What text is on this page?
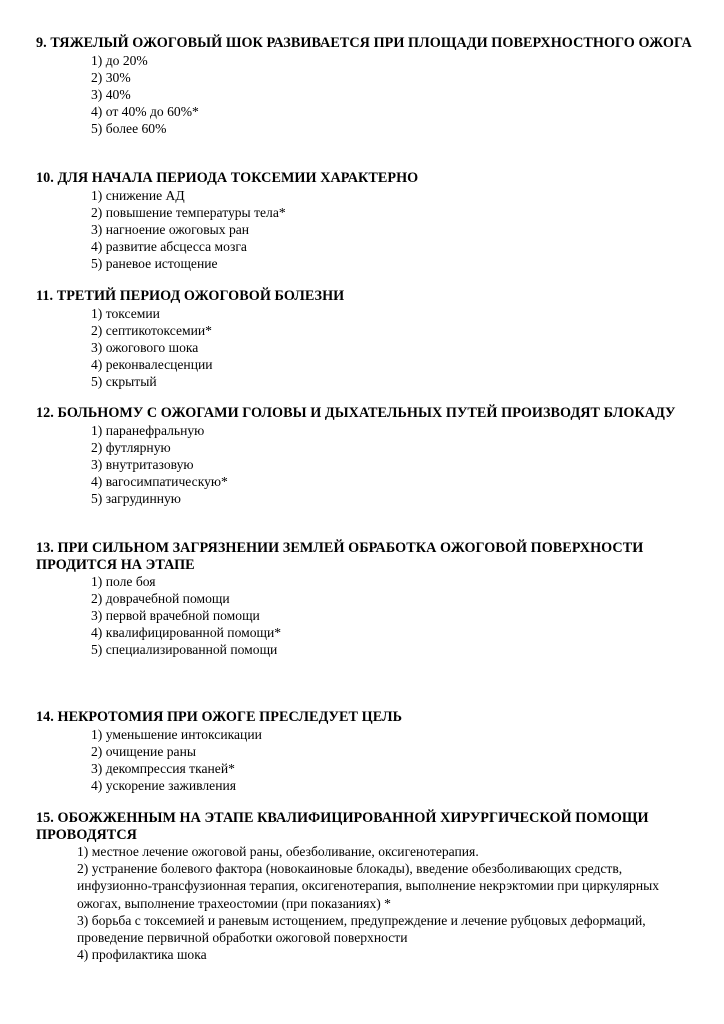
9. ТЯЖЕЛЫЙ ОЖОГОВЫЙ ШОК РАЗВИВАЕТСЯ ПРИ ПЛОЩАДИ ПОВЕРХНОСТНОГО ОЖОГА

1) до 20%

2) 30%

3) 40%

4) от 40% до 60%*

5) более 60%

10. ДЛЯ НАЧАЛА ПЕРИОДА ТОКСЕМИИ ХАРАКТЕРНО

1) снижение АД

2) повышение температуры тела*

3) нагноение ожоговых ран

4) развитие абсцесса мозга

5) раневое истощение

11. ТРЕТИЙ ПЕРИОД ОЖОГОВОЙ БОЛЕЗНИ

1) токсемии

2) септикотоксемии*

3) ожогового шока

4) реконвалесценции

5) скрытый

12. БОЛЬНОМУ С ОЖОГАМИ ГОЛОВЫ И ДЫХАТЕЛЬНЫХ ПУТЕЙ ПРОИЗВОДЯТ БЛОКАДУ

1) паранефральную

2) футлярную

3) внутритазовую

4) вагосимпатическую*

5) загрудинную

13. ПРИ СИЛЬНОМ ЗАГРЯЗНЕНИИ ЗЕМЛЕЙ ОБРАБОТКА ОЖОГОВОЙ ПОВЕРХНОСТИ ПРОДИТСЯ НА ЭТАПЕ

1) поле боя

2) доврачебной помощи

3) первой врачебной помощи

4) квалифицированной помощи*

5) специализированной помощи

14. НЕКРОТОМИЯ ПРИ ОЖОГЕ ПРЕСЛЕДУЕТ ЦЕЛЬ

1) уменьшение интоксикации

2) очищение раны

3) декомпрессия тканей*

4) ускорение заживления

15. ОБОЖЖЕННЫМ НА ЭТАПЕ КВАЛИФИЦИРОВАННОЙ ХИРУРГИЧЕСКОЙ ПОМОЩИ ПРОВОДЯТСЯ

1) местное лечение ожоговой раны, обезболивание, оксигенотерапия.

2) устранение болевого фактора (новокаиновые блокады), введение обезболивающих средств, инфузионно-трансфузионная терапия, оксигенотерапия, выполнение некрэктомии при циркулярных ожогах, выполнение трахеостомии (при показаниях) *

3) борьба с токсемией и раневым истощением, предупреждение и лечение рубцовых деформаций, проведение первичной обработки ожоговой поверхности

4) профилактика шока
